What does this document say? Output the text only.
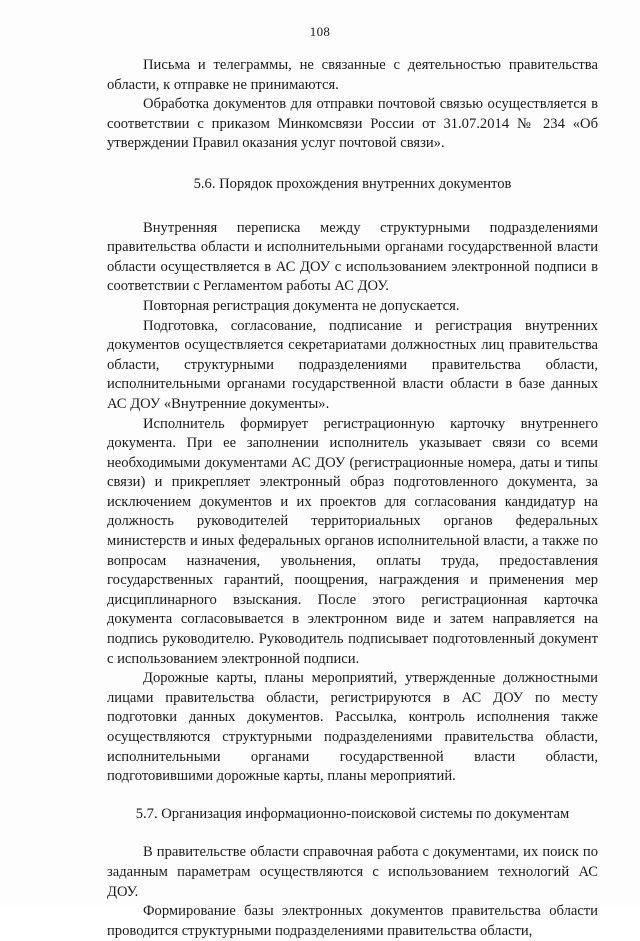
108

Письма и телеграммы, не связанные с деятельностью правительства области, к отправке не принимаются.

Обработка документов для отправки почтовой связью осуществляется в соответствии с приказом Минкомсвязи России от 31.07.2014 № 234 «Об утверждении Правил оказания услуг почтовой связи».

5.6. Порядок прохождения внутренних документов

Внутренняя переписка между структурными подразделениями правительства области и исполнительными органами государственной власти области осуществляется в АС ДОУ с использованием электронной подписи в соответствии с Регламентом работы АС ДОУ.

Повторная регистрация документа не допускается.

Подготовка, согласование, подписание и регистрация внутренних документов осуществляется секретариатами должностных лиц правительства области, структурными подразделениями правительства области, исполнительными органами государственной власти области в базе данных АС ДОУ «Внутренние документы».

Исполнитель формирует регистрационную карточку внутреннего документа. При ее заполнении исполнитель указывает связи со всеми необходимыми документами АС ДОУ (регистрационные номера, даты и типы связи) и прикрепляет электронный образ подготовленного документа, за исключением документов и их проектов для согласования кандидатур на должность руководителей территориальных органов федеральных министерств и иных федеральных органов исполнительной власти, а также по вопросам назначения, увольнения, оплаты труда, предоставления государственных гарантий, поощрения, награждения и применения мер дисциплинарного взыскания. После этого регистрационная карточка документа согласовывается в электронном виде и затем направляется на подпись руководителю. Руководитель подписывает подготовленный документ с использованием электронной подписи.

Дорожные карты, планы мероприятий, утвержденные должностными лицами правительства области, регистрируются в АС ДОУ по месту подготовки данных документов. Рассылка, контроль исполнения также осуществляются структурными подразделениями правительства области, исполнительными органами государственной власти области, подготовившими дорожные карты, планы мероприятий.

5.7. Организация информационно-поисковой системы по документам

В правительстве области справочная работа с документами, их поиск по заданным параметрам осуществляются с использованием технологий АС ДОУ.

Формирование базы электронных документов правительства области проводится структурными подразделениями правительства области,
